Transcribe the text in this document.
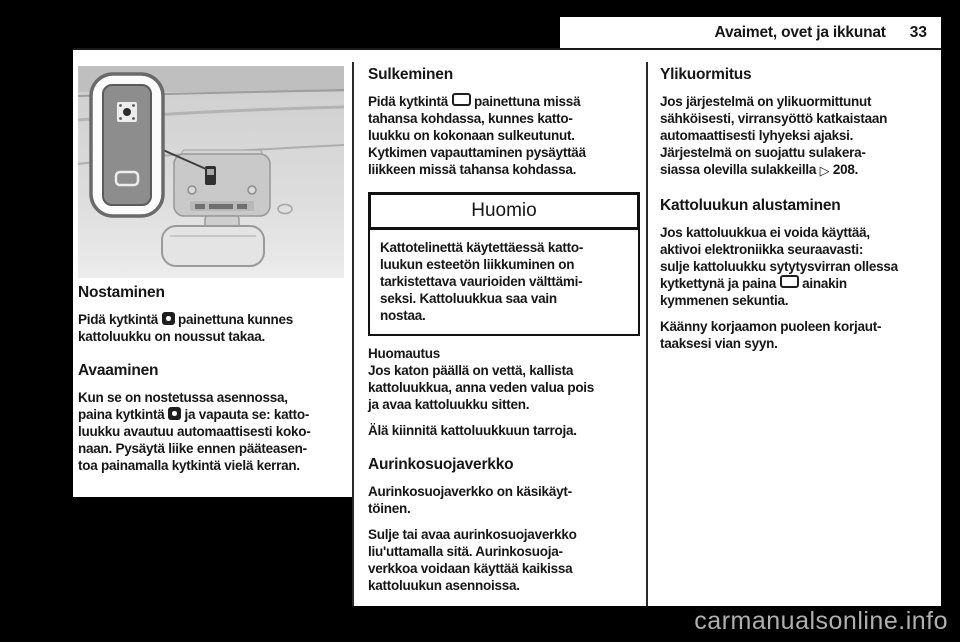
Avaimet, ovet ja ikkunat 33
Nostaminen
Pidä kytkintä  painettuna kunnes
kattoluukku on noussut takaa.
Avaaminen
Kun se on nostetussa asennossa,
paina kytkintä  ja vapauta se: katto-
luukku avautuu automaattisesti koko-
naan. Pysäytä liike ennen pääteasen-
toa painamalla kytkintä vielä kerran.
Sulkeminen
Pidä kytkintä  painettuna missä
tahansa kohdassa, kunnes katto-
luukku on kokonaan sulkeutunut.
Kytkimen vapauttaminen pysäyttää
liikkeen missä tahansa kohdassa.
Huomio
Kattotelinettä käytettäessä katto-
luukun esteetön liikkuminen on
tarkistettava vaurioiden välttämi-
seksi. Kattoluukkua saa vain
nostaa.
Huomautus
Jos katon päällä on vettä, kallista
kattoluukkua, anna veden valua pois
ja avaa kattoluukku sitten.
Älä kiinnitä kattoluukkuun tarroja.
Aurinkosuojaverkko
Aurinkosuojaverkko on käsikäyt-
töinen.
Sulje tai avaa aurinkosuojaverkko
liu'uttamalla sitä. Aurinkosuoja-
verkkoa voidaan käyttää kaikissa
kattoluukun asennoissa.
Ylikuormitus
Jos järjestelmä on ylikuormittunut
sähköisesti, virransyöttö katkaistaan
automaattisesti lyhyeksi ajaksi.
Järjestelmä on suojattu sulakera-
siassa olevilla sulakkeilla ▷ 208.
Kattoluukun alustaminen
Jos kattoluukkua ei voida käyttää,
aktivoi elektroniikka seuraavasti:
sulje kattoluukku sytytysvirran ollessa
kytkettynä ja paina  ainakin
kymmenen sekuntia.
Käänny korjaamon puoleen korjaut-
taaksesi vian syyn.
carmanualsonline.info
